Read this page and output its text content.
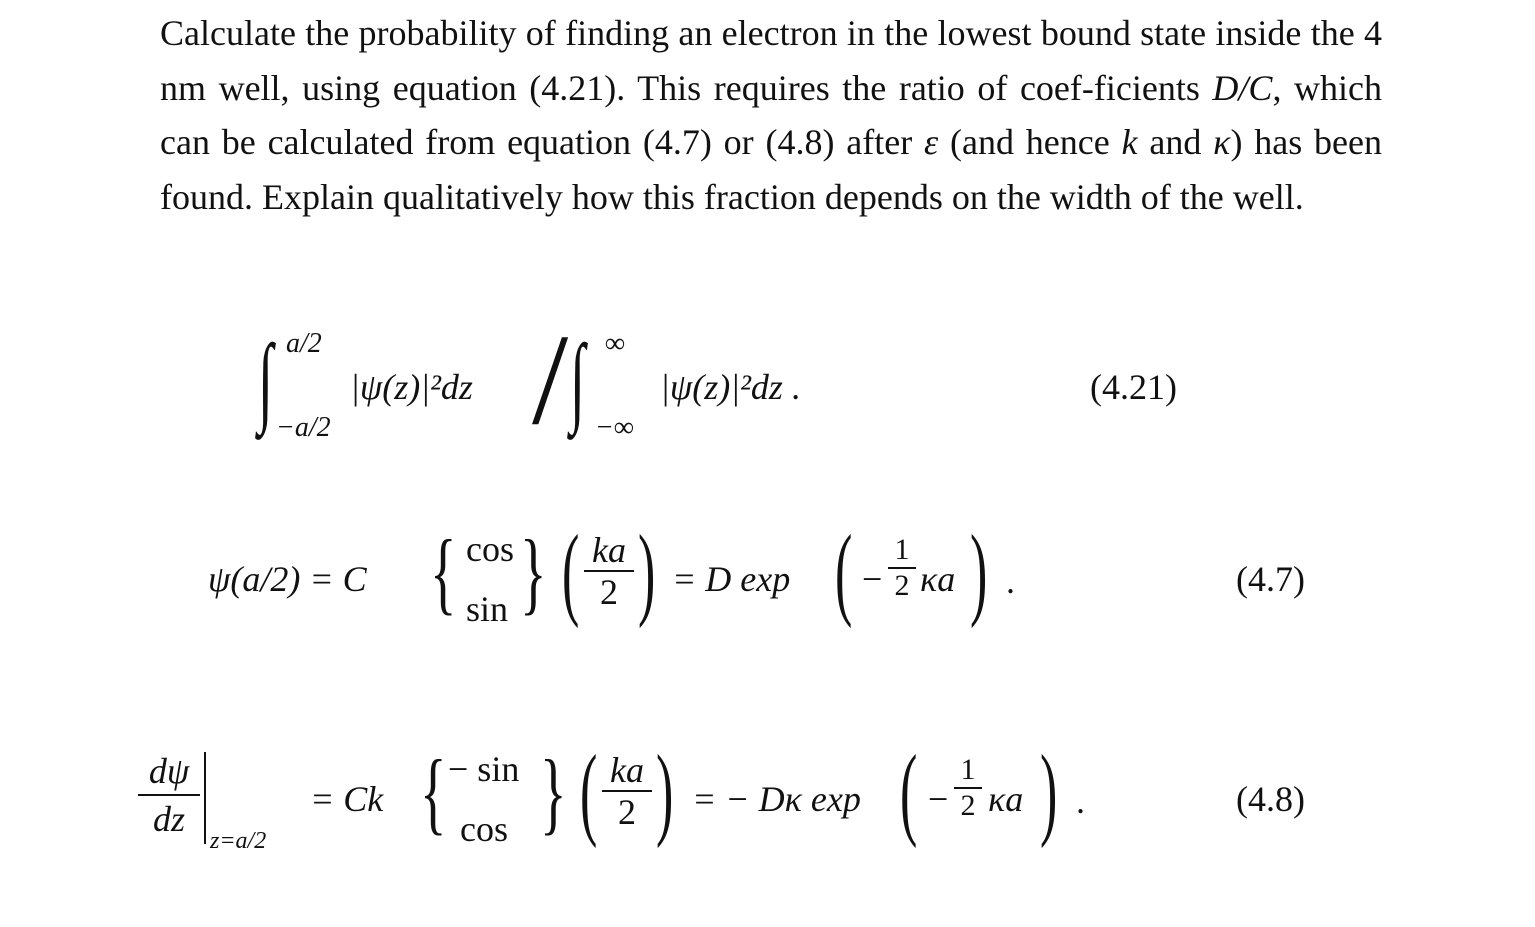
Calculate the probability of finding an electron in the lowest bound state inside the 4 nm well, using equation (4.21). This requires the ratio of coef-ficients D/C, which can be calculated from equation (4.7) or (4.8) after ε (and hence k and κ) has been found. Explain qualitatively how this fraction depends on the width of the well.
∫ a/2
−a/2
|ψ(z)|²dz / ∫ ∞
−∞
|ψ(z)|²dz .	(4.21)
ψ(a/2) = C { cos
sin } ( $\frac{ka}{2}$ ) = D exp ( − $\frac{1}{2}$ κa ) .	(4.7)
$\frac{d\psi}{dz} z=a/2$
= Ck { − sin
cos } ( $\frac{ka}{2}$ ) = − Dκ exp ( − $\frac{1}{2}$ κa ) .	(4.8)
